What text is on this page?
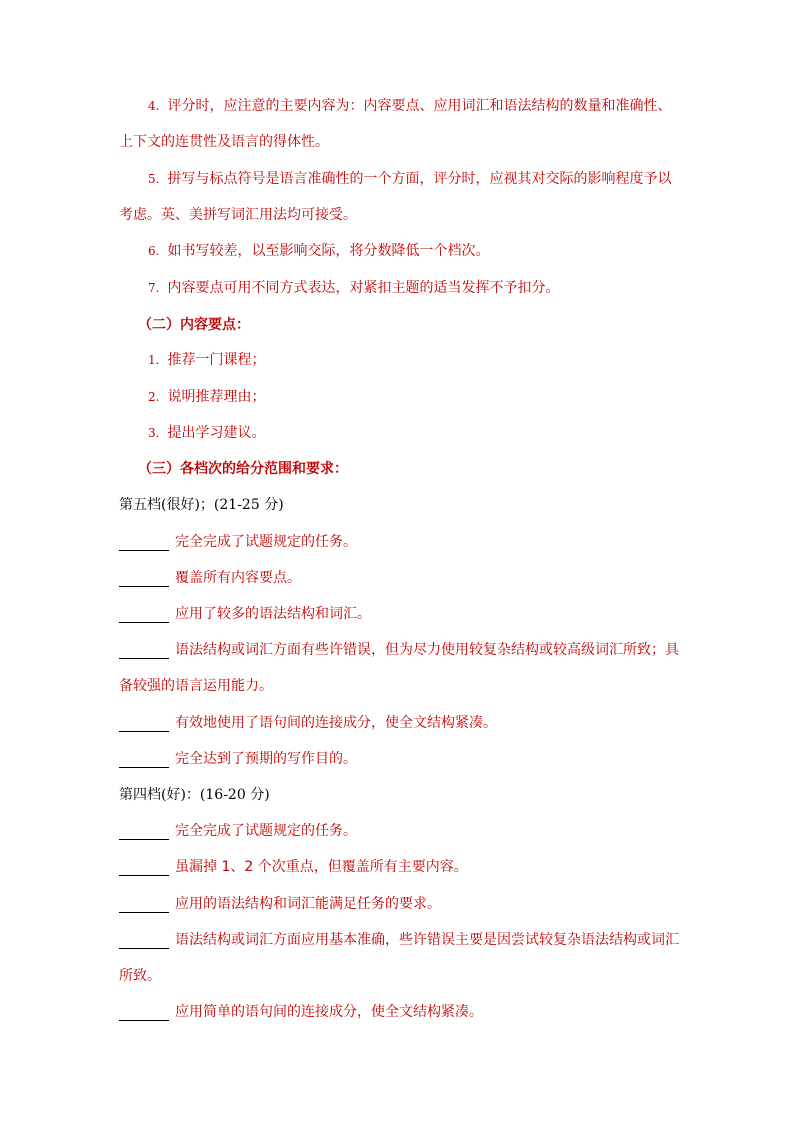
4. 评分时，应注意的主要内容为：内容要点、应用词汇和语法结构的数量和准确性、
上下文的连贯性及语言的得体性。
5. 拼写与标点符号是语言准确性的一个方面，评分时，应视其对交际的影响程度予以
考虑。英、美拼写词汇用法均可接受。
6. 如书写较差，以至影响交际，将分数降低一个档次。
7. 内容要点可用不同方式表达，对紧扣主题的适当发挥不予扣分。
（二）内容要点：
1. 推荐一门课程；
2. 说明推荐理由；
3. 提出学习建议。
（三）各档次的给分范围和要求：
第五档(很好)；(21-25 分)
完全完成了试题规定的任务。
覆盖所有内容要点。
应用了较多的语法结构和词汇。
语法结构或词汇方面有些许错误，但为尽力使用较复杂结构或较高级词汇所致；具
备较强的语言运用能力。
有效地使用了语句间的连接成分，使全文结构紧凑。
完全达到了预期的写作目的。
第四档(好)：(16-20 分)
完全完成了试题规定的任务。
虽漏掉 1、2 个次重点，但覆盖所有主要内容。
应用的语法结构和词汇能满足任务的要求。
语法结构或词汇方面应用基本准确，些许错误主要是因尝试较复杂语法结构或词汇
所致。
应用简单的语句间的连接成分，使全文结构紧凑。
